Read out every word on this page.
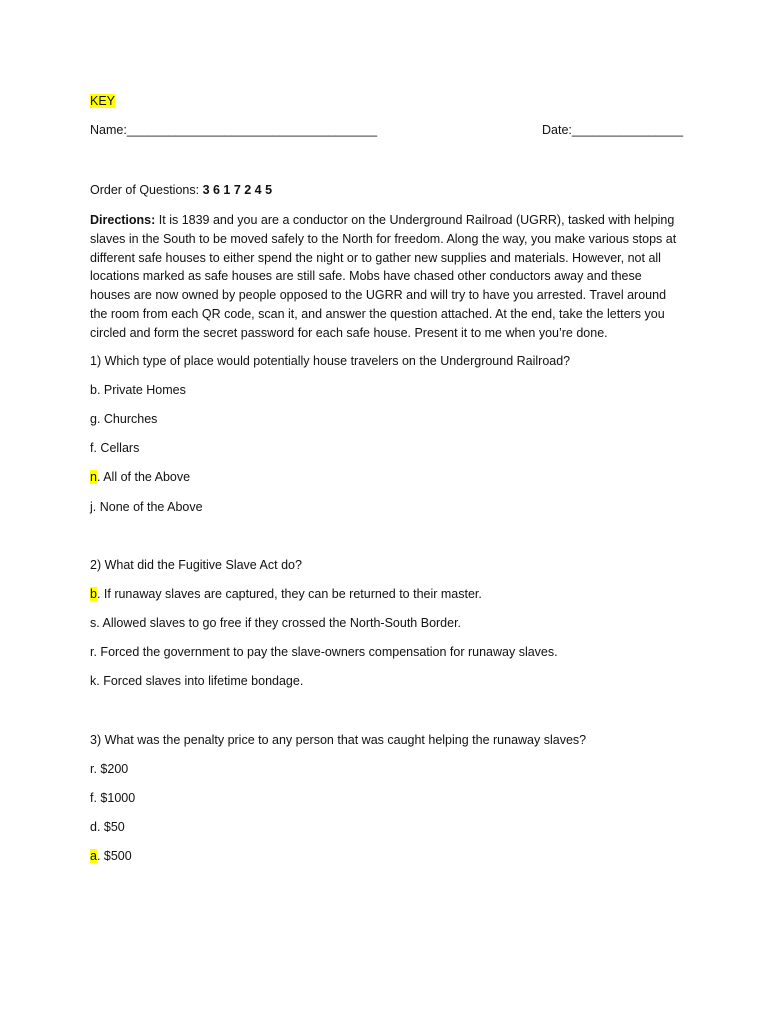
KEY
Name:____________________________________	Date:________________
Order of Questions: 3 6 1 7 2 4 5
Directions: It is 1839 and you are a conductor on the Underground Railroad (UGRR), tasked with helping slaves in the South to be moved safely to the North for freedom. Along the way, you make various stops at different safe houses to either spend the night or to gather new supplies and materials. However, not all locations marked as safe houses are still safe. Mobs have chased other conductors away and these houses are now owned by people opposed to the UGRR and will try to have you arrested. Travel around the room from each QR code, scan it, and answer the question attached. At the end, take the letters you circled and form the secret password for each safe house. Present it to me when you’re done.
1) Which type of place would potentially house travelers on the Underground Railroad?
b. Private Homes
g. Churches
f. Cellars
n. All of the Above
j. None of the Above
2) What did the Fugitive Slave Act do?
b. If runaway slaves are captured, they can be returned to their master.
s. Allowed slaves to go free if they crossed the North-South Border.
r. Forced the government to pay the slave-owners compensation for runaway slaves.
k. Forced slaves into lifetime bondage.
3) What was the penalty price to any person that was caught helping the runaway slaves?
r. $200
f. $1000
d. $50
a. $500
